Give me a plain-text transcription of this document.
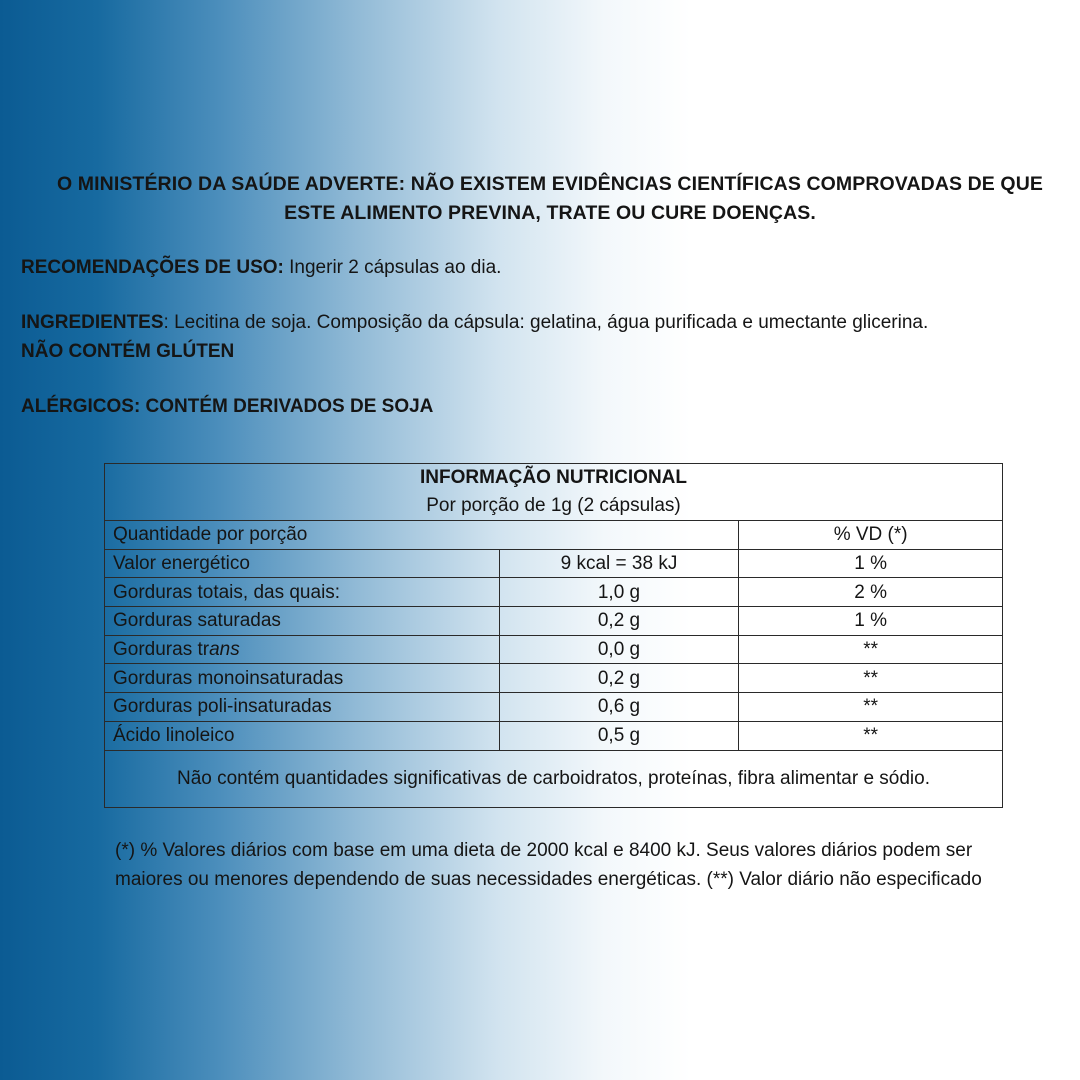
O MINISTÉRIO DA SAÚDE ADVERTE: NÃO EXISTEM EVIDÊNCIAS CIENTÍFICAS COMPROVADAS DE QUE
ESTE ALIMENTO PREVINA, TRATE OU CURE DOENÇAS.
RECOMENDAÇÕES DE USO: Ingerir 2 cápsulas ao dia.
INGREDIENTES: Lecitina de soja. Composição da cápsula: gelatina, água purificada e umectante glicerina.
NÃO CONTÉM GLÚTEN
ALÉRGICOS: CONTÉM DERIVADOS DE SOJA
INFORMAÇÃO NUTRICIONAL
Por porção de 1g (2 cápsulas)		

Quantidade por porção		% VD (*)
Valor energético	9 kcal = 38 kJ	1 %
Gorduras totais, das quais:	1,0 g	2 %
Gorduras saturadas	0,2 g	1 %
Gorduras trans	0,0 g	**
Gorduras monoinsaturadas	0,2 g	**
Gorduras poli-insaturadas	0,6 g	**
Ácido linoleico	0,5 g	**
Não contém quantidades significativas de carboidratos, proteínas, fibra alimentar e sódio.		
(*) % Valores diários com base em uma dieta de 2000 kcal e 8400 kJ. Seus valores diários podem ser maiores ou menores dependendo de suas necessidades energéticas. (**) Valor diário não especificado
